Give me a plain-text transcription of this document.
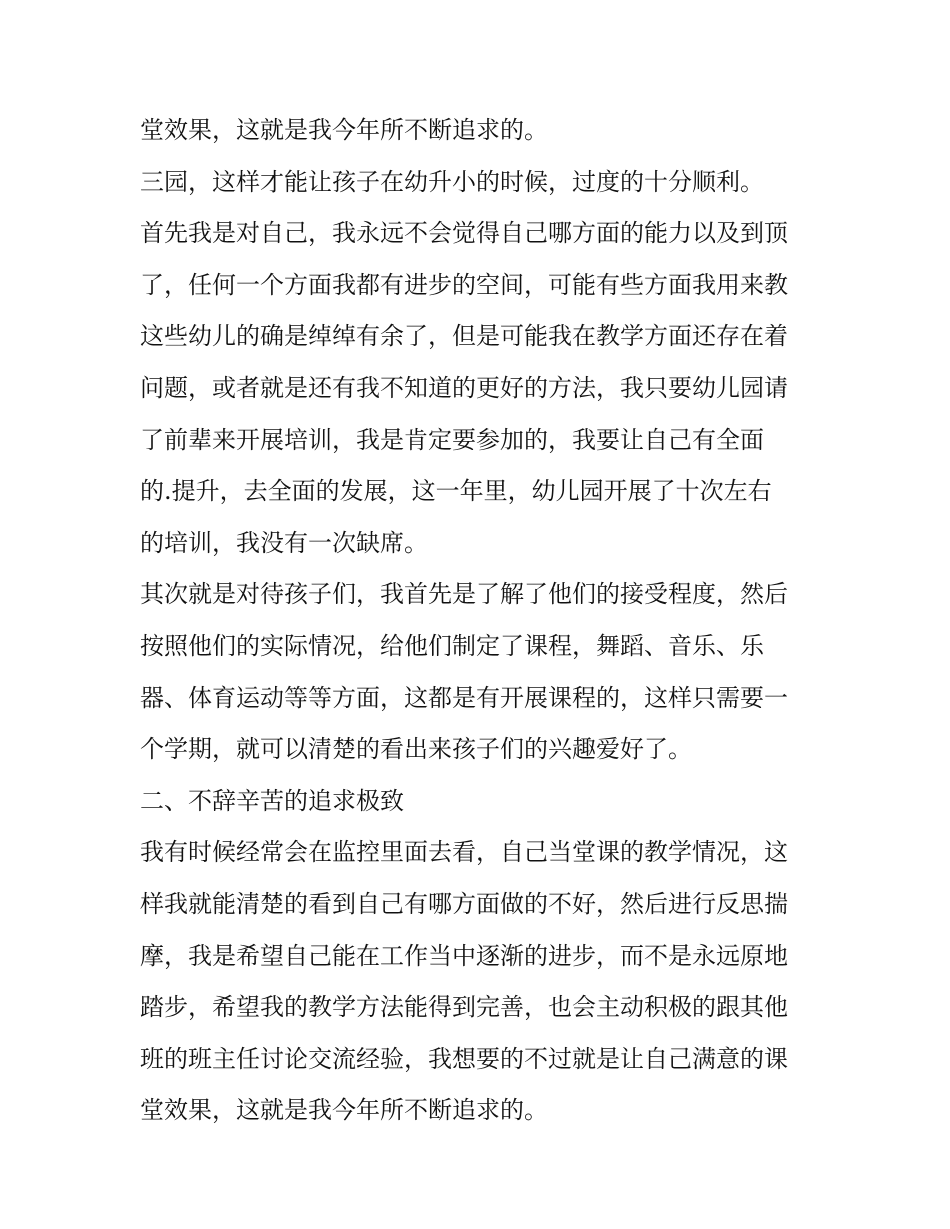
堂效果，这就是我今年所不断追求的。
三园，这样才能让孩子在幼升小的时候，过度的十分顺利。
首先我是对自己，我永远不会觉得自己哪方面的能力以及到顶
了，任何一个方面我都有进步的空间，可能有些方面我用来教
这些幼儿的确是绰绰有余了，但是可能我在教学方面还存在着
问题，或者就是还有我不知道的更好的方法，我只要幼儿园请
了前辈来开展培训，我是肯定要参加的，我要让自己有全面
的.提升，去全面的发展，这一年里，幼儿园开展了十次左右
的培训，我没有一次缺席。
其次就是对待孩子们，我首先是了解了他们的接受程度，然后
按照他们的实际情况，给他们制定了课程，舞蹈、音乐、乐
器、体育运动等等方面，这都是有开展课程的，这样只需要一
个学期，就可以清楚的看出来孩子们的兴趣爱好了。
二、不辞辛苦的追求极致
我有时候经常会在监控里面去看，自己当堂课的教学情况，这
样我就能清楚的看到自己有哪方面做的不好，然后进行反思揣
摩，我是希望自己能在工作当中逐渐的进步，而不是永远原地
踏步，希望我的教学方法能得到完善，也会主动积极的跟其他
班的班主任讨论交流经验，我想要的不过就是让自己满意的课
堂效果，这就是我今年所不断追求的。
